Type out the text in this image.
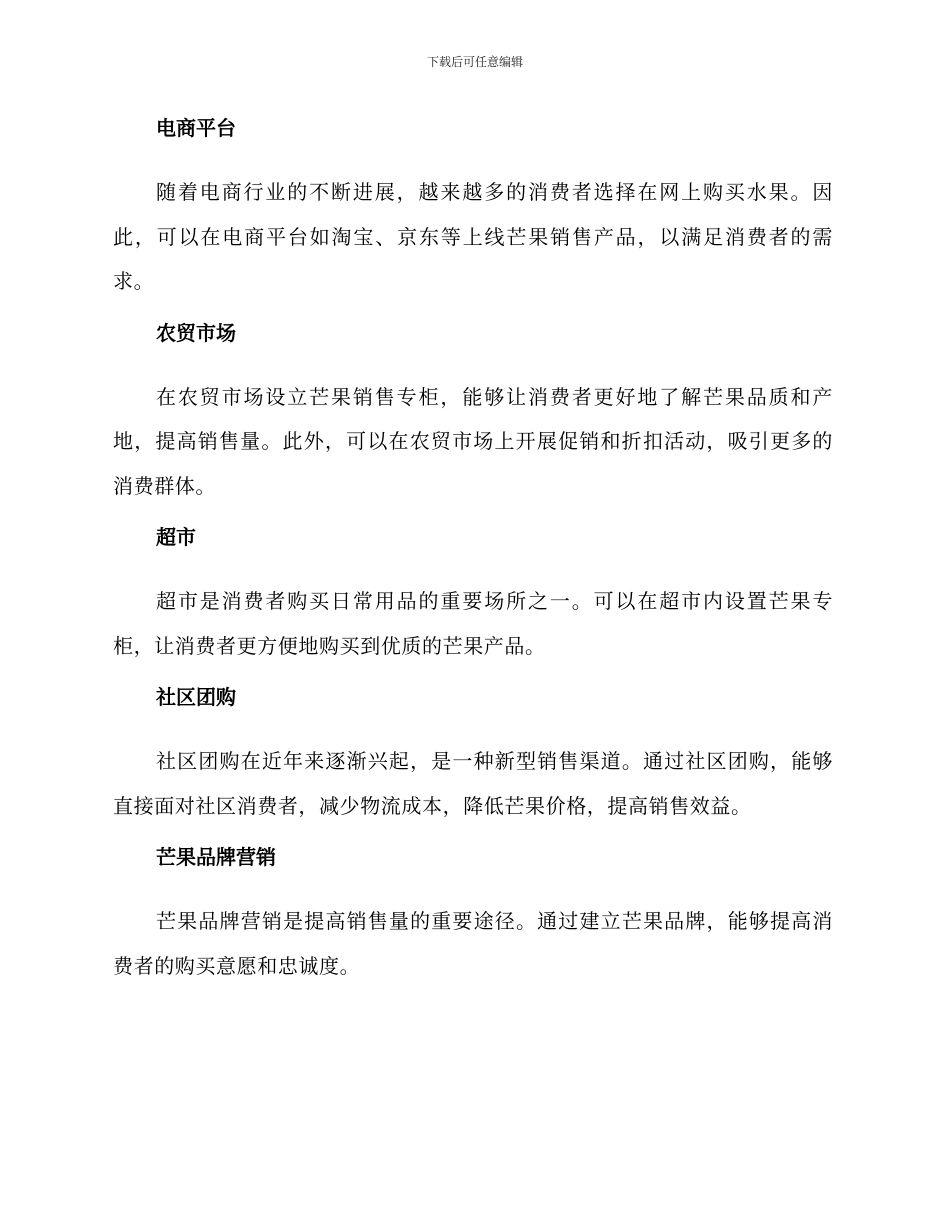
下载后可任意编辑
电商平台

随着电商行业的不断进展，越来越多的消费者选择在网上购买水果。因此，可以在电商平台如淘宝、京东等上线芒果销售产品，以满足消费者的需求。

农贸市场

在农贸市场设立芒果销售专柜，能够让消费者更好地了解芒果品质和产地，提高销售量。此外，可以在农贸市场上开展促销和折扣活动，吸引更多的消费群体。

超市

超市是消费者购买日常用品的重要场所之一。可以在超市内设置芒果专柜，让消费者更方便地购买到优质的芒果产品。

社区团购

社区团购在近年来逐渐兴起，是一种新型销售渠道。通过社区团购，能够直接面对社区消费者，减少物流成本，降低芒果价格，提高销售效益。

芒果品牌营销

芒果品牌营销是提高销售量的重要途径。通过建立芒果品牌，能够提高消费者的购买意愿和忠诚度。
